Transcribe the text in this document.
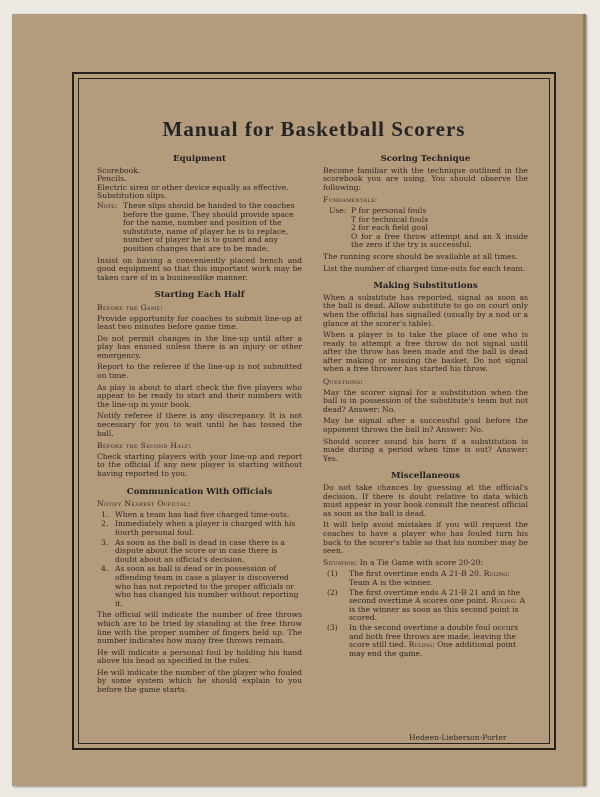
Manual for Basketball Scorers
Equipment

Scorebook.

Pencils.

Electric siren or other device equally as effective.

Substitution slips.

Note: These slips should be handed to the coaches before the game. They should provide space for the name, number and position of the substitute, name of player he is to replace, number of player he is to guard and any position changes that are to be made.

Insist on having a conveniently placed bench and good equipment so that this important work may be taken care of in a businesslike manner.

Starting Each Half
Before the Game:

Provide opportunity for coaches to submit line-up at least two minutes before game time.

Do not permit changes in the line-up until after a play has ensued unless there is an injury or other emergency.

Report to the referee if the line-up is not submitted on time.

As play is about to start check the five players who appear to be ready to start and their numbers with the line-up in your book.

Notify referee if there is any discrepancy. It is not necessary for you to wait until he has tossed the ball.

Before the Second Half:

Check starting players with your line-up and report to the official if any new player is starting without having reported to you.

Communication With Officials
Notify Nearest Official:
1. When a team has had five charged time-outs.
2. Immediately when a player is charged with his fourth personal foul.
3. As soon as the ball is dead in case there is a dispute about the score or in case there is doubt about an official's decision.
4. As soon as ball is dead or in possession of offending team in case a player is discovered who has not reported to the proper officials or who has changed his number without reporting it.

The official will indicate the number of free throws which are to be tried by standing at the free throw line with the proper number of fingers held up. The number indicates how many free throws remain.

He will indicate a personal foul by holding his hand above his head as specified in the rules.

He will indicate the number of the player who fouled by some system which he should explain to you before the game starts.

Scoring Technique

Become familiar with the technique outlined in the scorebook you are using. You should observe the following:

Fundamentals:
Use: P for personal fouls

T for technical fouls

2 for each field goal

O for a free throw attempt and an X inside the zero if the try is successful.

The running score should be available at all times.

List the number of charged time-outs for each team.

Making Substitutions

When a substitute has reported, signal as soon as the ball is dead. Allow substitute to go on court only when the official has signalled (usually by a nod or a glance at the scorer's table).

When a player is to take the place of one who is ready to attempt a free throw do not signal until after the throw has been made and the ball is dead after making or missing the basket. Do not signal when a free thrower has started his throw.

Questions:

May the scorer signal for a substitution when the ball is in possession of the substitute's team but not dead? Answer: No.

May he signal after a successful goal before the opponent throws the ball in? Answer: No.

Should scorer sound his horn if a substitution is made during a period when time is out? Answer: Yes.

Miscellaneous

Do not take chances by guessing at the official's decision. If there is doubt relative to data which must appear in your book consult the nearest official as soon as the ball is dead.

It will help avoid mistakes if you will request the coaches to have a player who has fouled turn his back to the scorer's table so that his number may be seen.

Situation: In a Tie Game with score 20-20:

(1)	The first overtime ends A 21-B 20. Ruling: Team A is the winner.
(2)	The first overtime ends A 21-B 21 and in the second overtime A scores one point. Ruling: A is the winner as soon as this second point is scored.
(3)	In the second overtime a double foul occurs and both free throws are made, leaving the score still tied. Ruling: One additional point may end the game.
Hedeen-Lieberson-Porter
